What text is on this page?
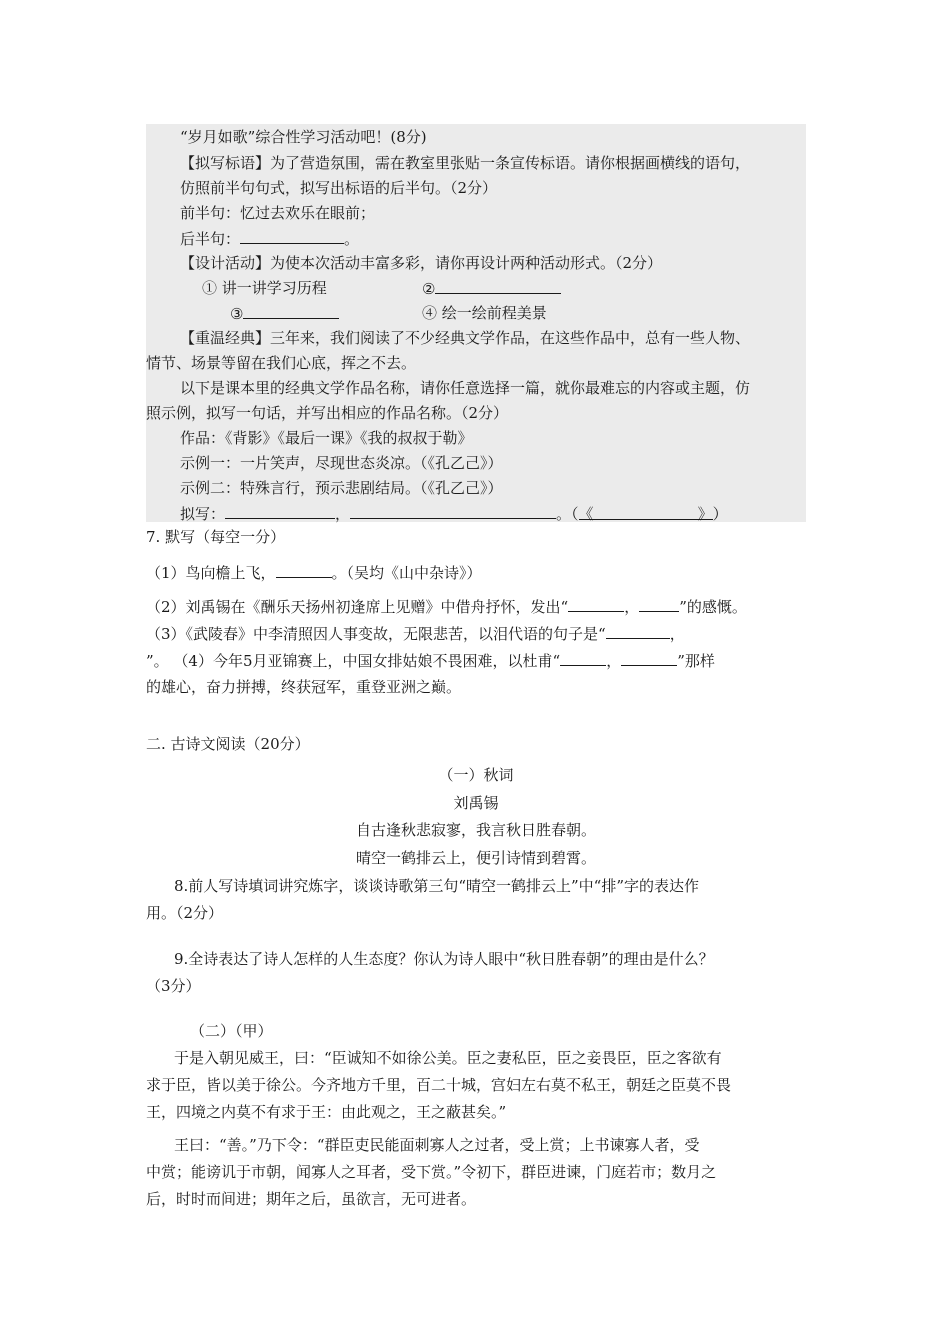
“岁月如歌”综合性学习活动吧！(8分)
【拟写标语】为了营造氛围，需在教室里张贴一条宣传标语。请你根据画横线的语句，
仿照前半句句式，拟写出标语的后半句。（2分）
前半句：忆过去欢乐在眼前；
后半句：	。
【设计活动】为使本次活动丰富多彩，请你再设计两种活动形式。（2分）
① 讲一讲学习历程	②
③	④ 绘一绘前程美景
【重温经典】三年来，我们阅读了不少经典文学作品，在这些作品中，总有一些人物、
情节、场景等留在我们心底，挥之不去。
以下是课本里的经典文学作品名称，请你任意选择一篇，就你最难忘的内容或主题，仿
照示例，拟写一句话，并写出相应的作品名称。（2分）
作品：《背影》《最后一课》《我的叔叔于勒》
示例一：一片笑声，尽现世态炎凉。（《孔乙己》）
示例二：特殊言行，预示悲剧结局。（《孔乙己》）
拟写：	，	。（《	》）
7. 默写（每空一分）
（1）鸟向檐上飞，	。（吴均《山中杂诗》）
（2）刘禹锡在《酬乐天扬州初逢席上见赠》中借舟抒怀，发出“	，	”的感慨。
（3）《武陵春》中李清照因人事变故，无限悲苦，以泪代语的句子是“	，
”。 （4）今年5月亚锦赛上，中国女排姑娘不畏困难，以杜甫“	，	”那样
的雄心，奋力拼搏，终获冠军，重登亚洲之巅。
二. 古诗文阅读（20分）
（一）秋词
刘禹锡
自古逢秋悲寂寥，我言秋日胜春朝。
晴空一鹤排云上，便引诗情到碧霄。
8.前人写诗填词讲究炼字，谈谈诗歌第三句“晴空一鹤排云上”中“排”字的表达作
用。（2分）
9.全诗表达了诗人怎样的人生态度？你认为诗人眼中“秋日胜春朝”的理由是什么？
（3分）
（二）（甲）
于是入朝见威王，曰：“臣诚知不如徐公美。臣之妻私臣，臣之妾畏臣，臣之客欲有
求于臣，皆以美于徐公。今齐地方千里，百二十城，宫妇左右莫不私王，朝廷之臣莫不畏
王，四境之内莫不有求于王：由此观之，王之蔽甚矣。”
王曰：“善。”乃下令：“群臣吏民能面刺寡人之过者，受上赏；上书谏寡人者，受
中赏；能谤讥于市朝，闻寡人之耳者，受下赏。”令初下，群臣进谏，门庭若市；数月之
后，时时而间进；期年之后，虽欲言，无可进者。
